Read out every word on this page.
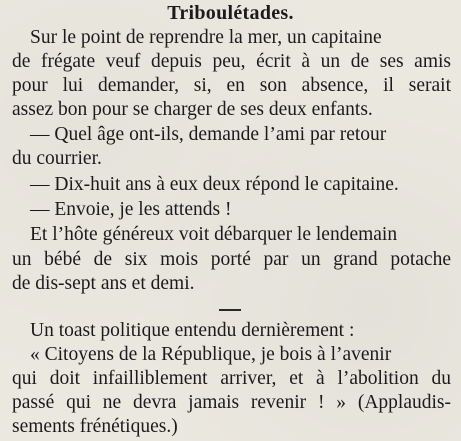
Triboulétades.
Sur le point de reprendre la mer, un capitaine
de frégate veuf depuis peu, écrit à un de ses amis
pour lui demander, si, en son absence, il serait
assez bon pour se charger de ses deux enfants.
— Quel âge ont-ils, demande l’ami par retour
du courrier.
— Dix-huit ans à eux deux répond le capitaine.
— Envoie, je les attends !
Et l’hôte généreux voit débarquer le lendemain
un bébé de six mois porté par un grand potache
de dis-sept ans et demi.
Un toast politique entendu dernièrement :
« Citoyens de la République, je bois à l’avenir
qui doit infailliblement arriver, et à l’abolition du
passé qui ne devra jamais revenir ! » (Applaudis-
sements frénétiques.)
